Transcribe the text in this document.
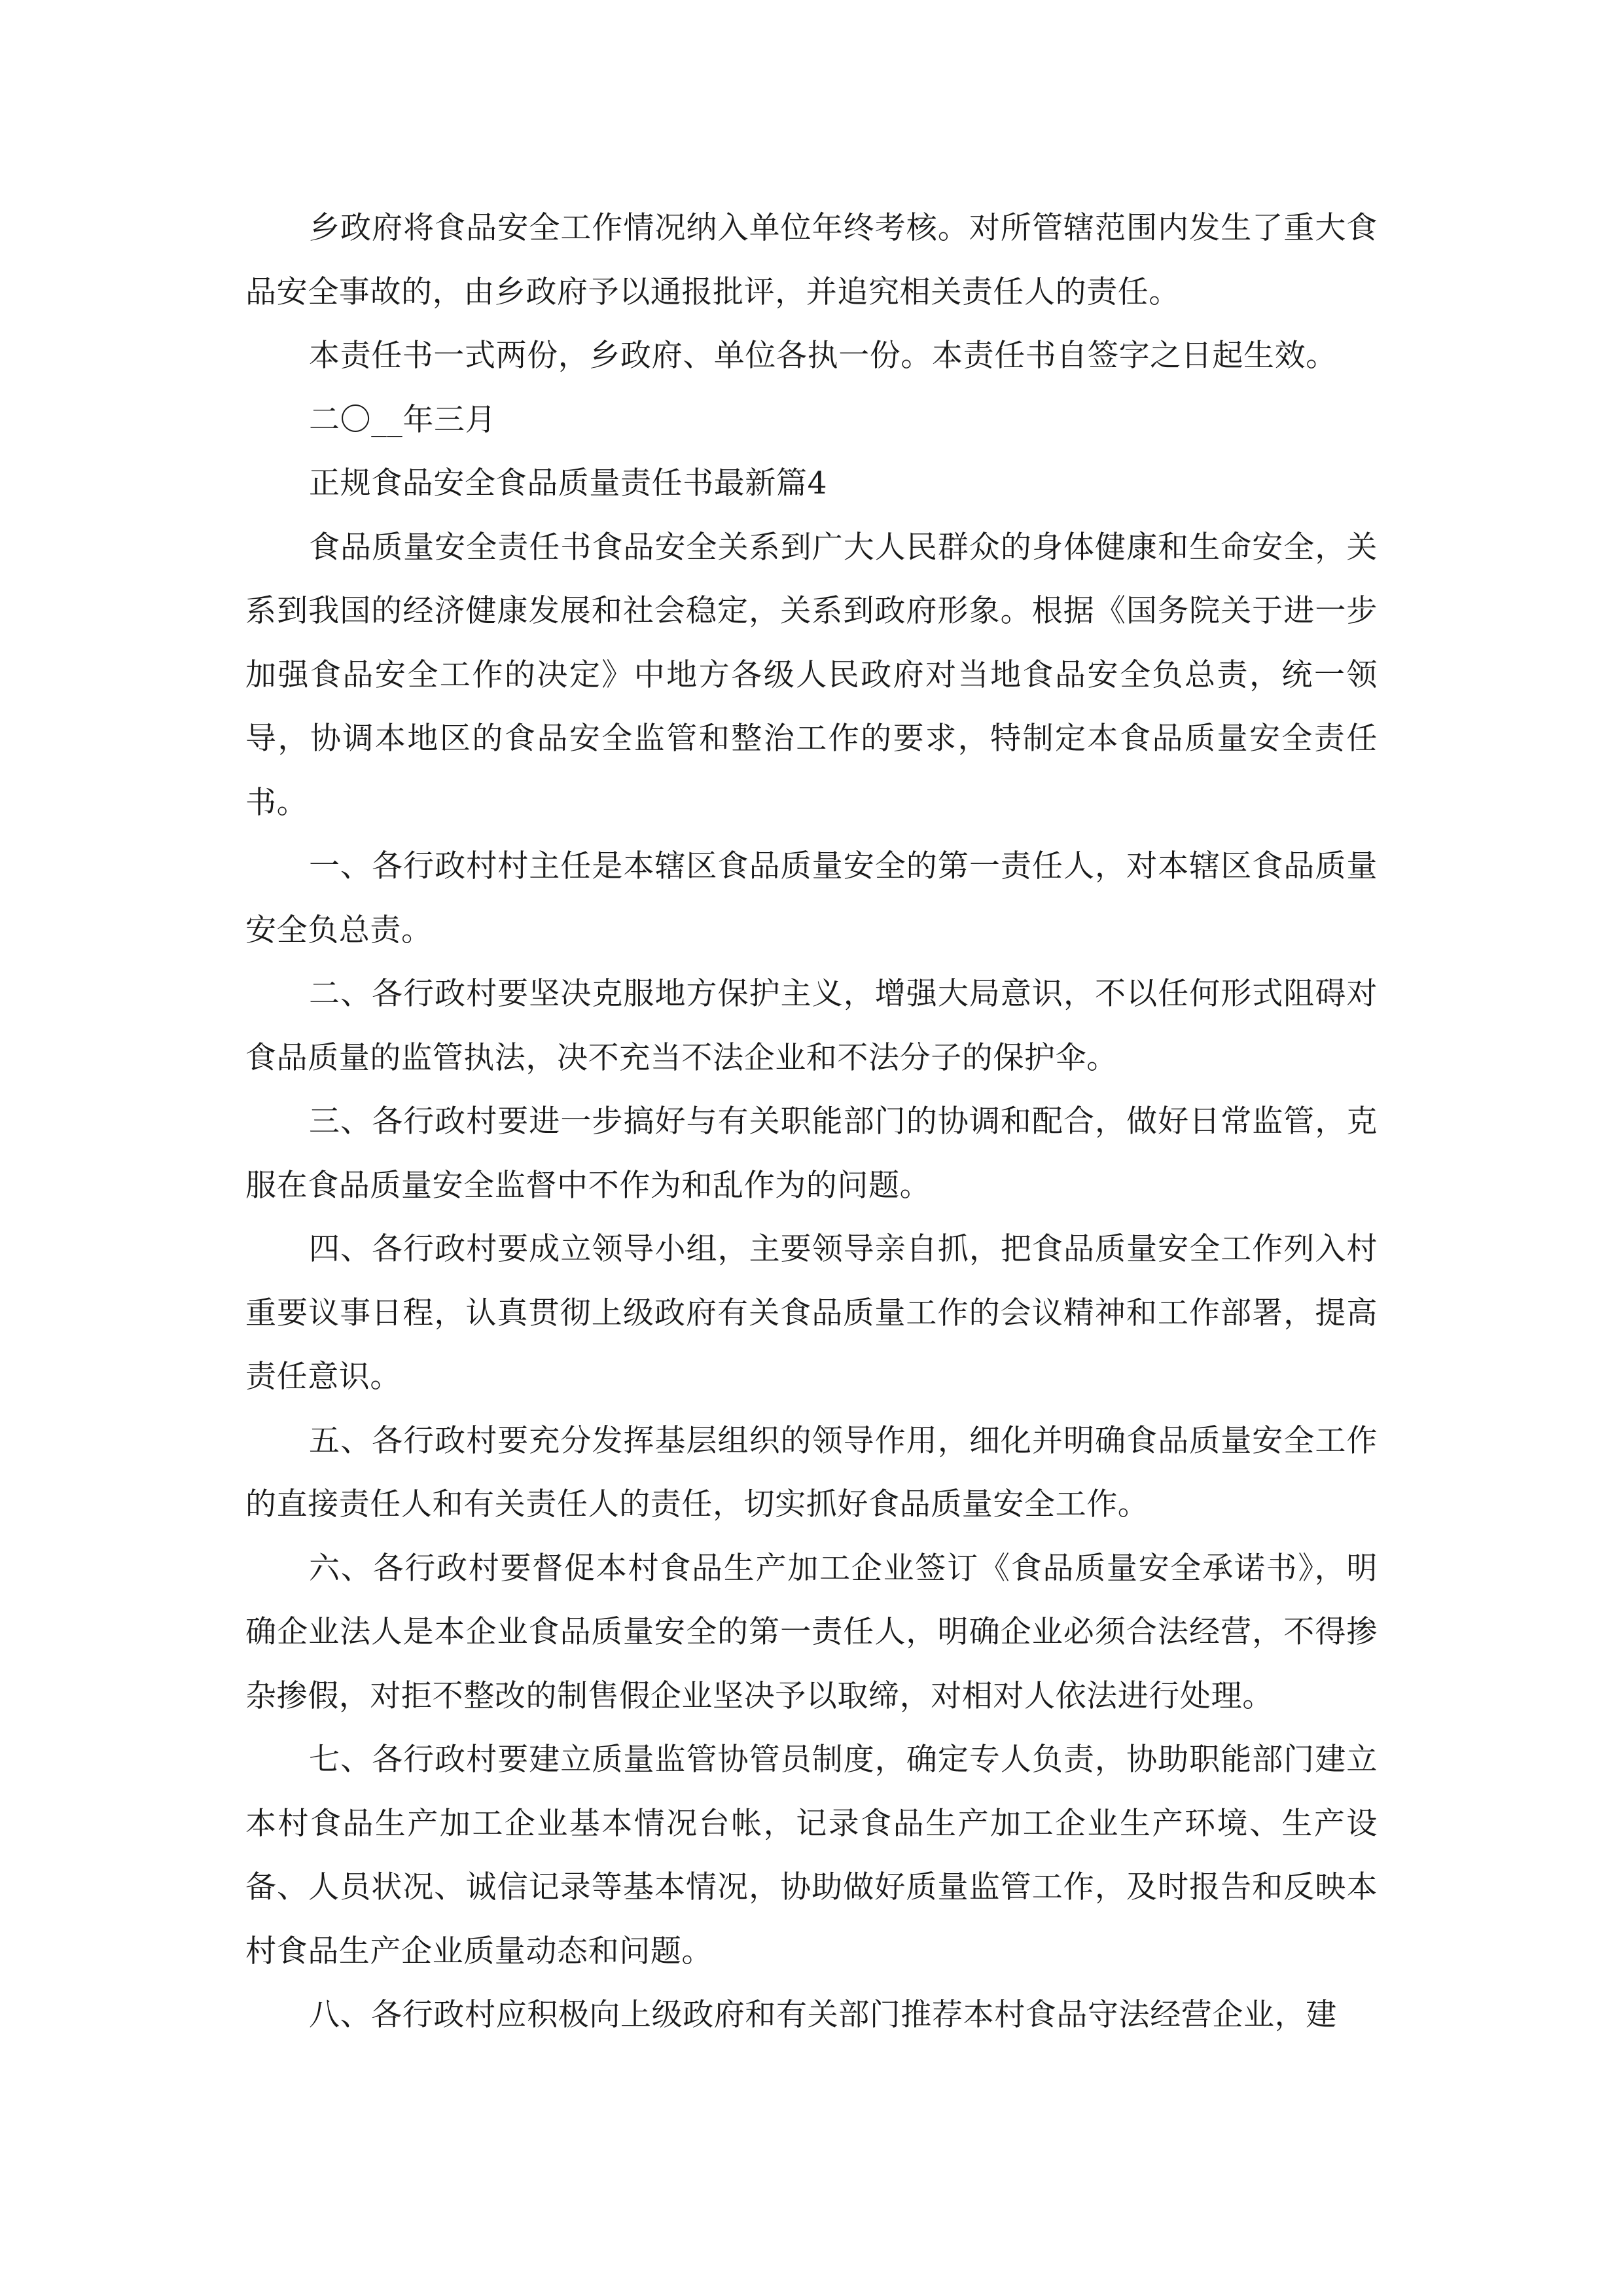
乡政府将食品安全工作情况纳入单位年终考核。对所管辖范围内发生了重大食品安全事故的，由乡政府予以通报批评，并追究相关责任人的责任。

本责任书一式两份，乡政府、单位各执一份。本责任书自签字之日起生效。

二〇__年三月

正规食品安全食品质量责任书最新篇4

食品质量安全责任书食品安全关系到广大人民群众的身体健康和生命安全，关系到我国的经济健康发展和社会稳定，关系到政府形象。根据《国务院关于进一步加强食品安全工作的决定》中地方各级人民政府对当地食品安全负总责，统一领导，协调本地区的食品安全监管和整治工作的要求，特制定本食品质量安全责任书。

一、各行政村村主任是本辖区食品质量安全的第一责任人，对本辖区食品质量安全负总责。

二、各行政村要坚决克服地方保护主义，增强大局意识，不以任何形式阻碍对食品质量的监管执法，决不充当不法企业和不法分子的保护伞。

三、各行政村要进一步搞好与有关职能部门的协调和配合，做好日常监管，克服在食品质量安全监督中不作为和乱作为的问题。

四、各行政村要成立领导小组，主要领导亲自抓，把食品质量安全工作列入村重要议事日程，认真贯彻上级政府有关食品质量工作的会议精神和工作部署，提高责任意识。

五、各行政村要充分发挥基层组织的领导作用，细化并明确食品质量安全工作的直接责任人和有关责任人的责任，切实抓好食品质量安全工作。

六、各行政村要督促本村食品生产加工企业签订《食品质量安全承诺书》，明确企业法人是本企业食品质量安全的第一责任人，明确企业必须合法经营，不得掺杂掺假，对拒不整改的制售假企业坚决予以取缔，对相对人依法进行处理。

七、各行政村要建立质量监管协管员制度，确定专人负责，协助职能部门建立本村食品生产加工企业基本情况台帐，记录食品生产加工企业生产环境、生产设备、人员状况、诚信记录等基本情况，协助做好质量监管工作，及时报告和反映本村食品生产企业质量动态和问题。

八、各行政村应积极向上级政府和有关部门推荐本村食品守法经营企业，建
